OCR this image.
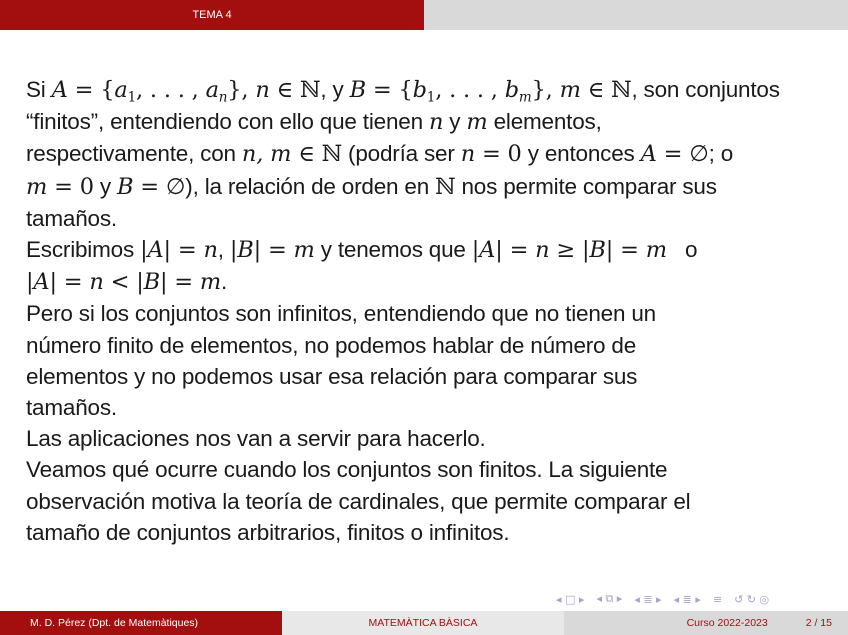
TEMA 4

Si $A = \{a_1$, . . . , $a_n$}, n ∈ ℕ, y $B = \{b_1$, . . . , $b_m$}, m ∈ ℕ, son conjuntos

“finitos”, entendiendo con ello que tienen n y m elementos,

respectivamente, con n, m ∈ ℕ (podría ser n = 0 y entonces A = ∅; o

m = 0 y B = ∅), la relación de orden en ℕ nos permite comparar sus

tamaños.

Escribimos |A| = n, |B| = m y tenemos que |A| = n ≥ |B| = m   o

|A| = n < |B| = m.

Pero si los conjuntos son infinitos, entendiendo que no tienen un

número finito de elementos, no podemos hablar de número de

elementos y no podemos usar esa relación para comparar sus

tamaños.

Las aplicaciones nos van a servir para hacerlo.

Veamos qué ocurre cuando los conjuntos son finitos. La siguiente

observación motiva la teoría de cardinales, que permite comparar el

tamaño de conjuntos arbitrarios, finitos o infinitos.

◂ □ ▸ ◂ ⧉ ▸ ◂ ≣ ▸ ◂ ≣ ▸ ≡ ↺ ↻ ◎
M. D. Pérez (Dpt. de Matemàtiques)	MATEMÀTICA BÀSICA	Curso 2022-2023	2 / 15
